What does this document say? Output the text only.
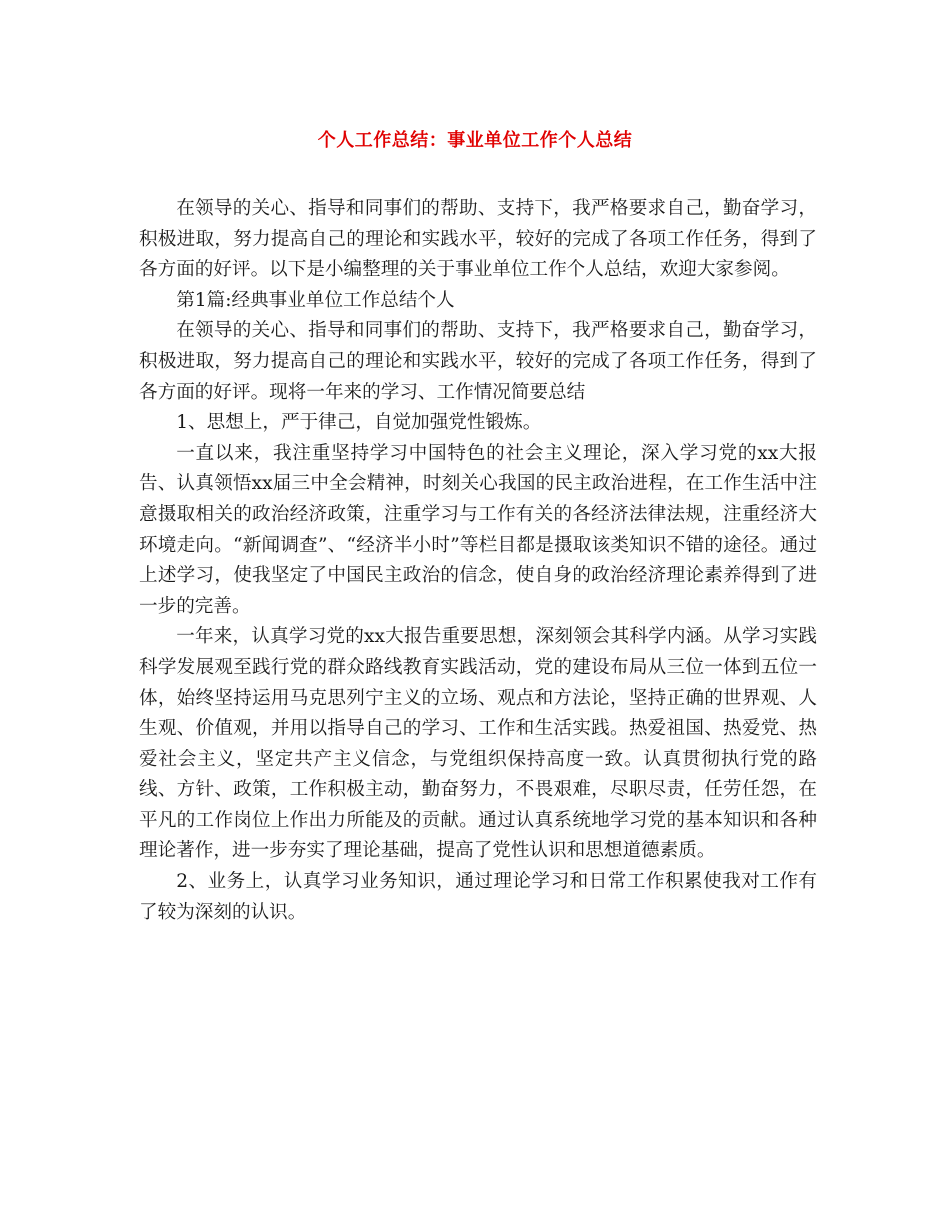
个人工作总结：事业单位工作个人总结

在领导的关心、指导和同事们的帮助、支持下，我严格要求自己，勤奋学习，积极进取，努力提高自己的理论和实践水平，较好的完成了各项工作任务，得到了各方面的好评。以下是小编整理的关于事业单位工作个人总结，欢迎大家参阅。

第1篇:经典事业单位工作总结个人

在领导的关心、指导和同事们的帮助、支持下，我严格要求自己，勤奋学习，积极进取，努力提高自己的理论和实践水平，较好的完成了各项工作任务，得到了各方面的好评。现将一年来的学习、工作情况简要总结

1、思想上，严于律己，自觉加强党性锻炼。

一直以来，我注重坚持学习中国特色的社会主义理论，深入学习党的xx大报告、认真领悟xx届三中全会精神，时刻关心我国的民主政治进程，在工作生活中注意摄取相关的政治经济政策，注重学习与工作有关的各经济法律法规，注重经济大环境走向。“新闻调查”、“经济半小时”等栏目都是摄取该类知识不错的途径。通过上述学习，使我坚定了中国民主政治的信念，使自身的政治经济理论素养得到了进一步的完善。

一年来，认真学习党的xx大报告重要思想，深刻领会其科学内涵。从学习实践科学发展观至践行党的群众路线教育实践活动，党的建设布局从三位一体到五位一体，始终坚持运用马克思列宁主义的立场、观点和方法论，坚持正确的世界观、人生观、价值观，并用以指导自己的学习、工作和生活实践。热爱祖国、热爱党、热爱社会主义，坚定共产主义信念，与党组织保持高度一致。认真贯彻执行党的路线、方针、政策，工作积极主动，勤奋努力，不畏艰难，尽职尽责，任劳任怨，在平凡的工作岗位上作出力所能及的贡献。通过认真系统地学习党的基本知识和各种理论著作，进一步夯实了理论基础，提高了党性认识和思想道德素质。

2、业务上，认真学习业务知识，通过理论学习和日常工作积累使我对工作有了较为深刻的认识。
